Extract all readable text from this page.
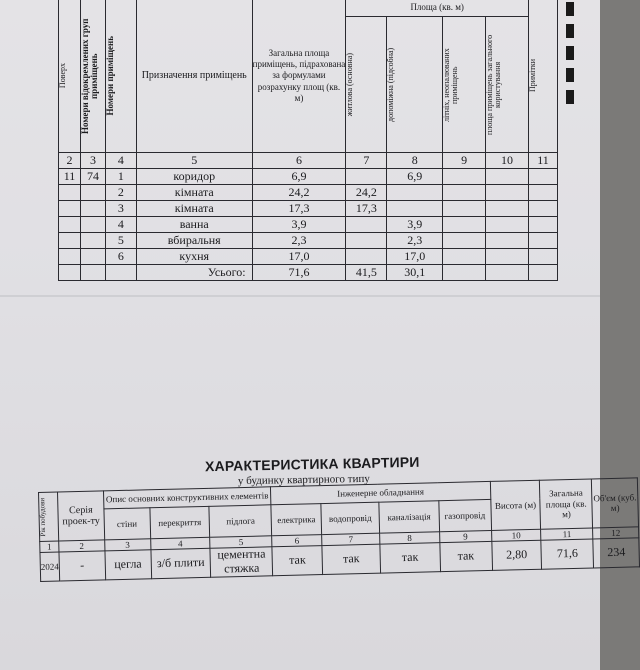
Поверх	Номери відокремлених груп приміщень	Номери приміщень	Призначення приміщень	Загальна площа приміщень, підрахована за формулами розрахунку площ (кв. м)	Площа (кв. м)				Примітки

					житлова (основна)	допоміжна (підсобна)	літніх, неопалюваних приміщень	площа приміщень загального користування	

2	3	4	5	6	7	8	9	10	11
11	74	1	коридор	6,9		6,9			
		2	кімната	24,2	24,2				
		3	кімната	17,3	17,3				
		4	ванна	3,9		3,9			
		5	вбиральня	2,3		2,3			
		6	кухня	17,0		17,0			
			Усього:	71,6	41,5	30,1			
ХАРАКТЕРИСТИКА КВАРТИРИ
у будинку квартирного типу
Рік побудови	Серія проек-ту	Опис основних конструктивних елементів			Інженерне обладнання				Висота (м)	Загальна площа (кв. м)	Об'єм (куб. м)
		стіни	перекриття	підлога	електрика	водопровід	каналізація	газопровід			
1	2	3	4	5	6	7	8	9	10	11	12
2024	-	цегла	з/б плити	цементна стяжка	так	так	так	так	2,80	71,6	234
